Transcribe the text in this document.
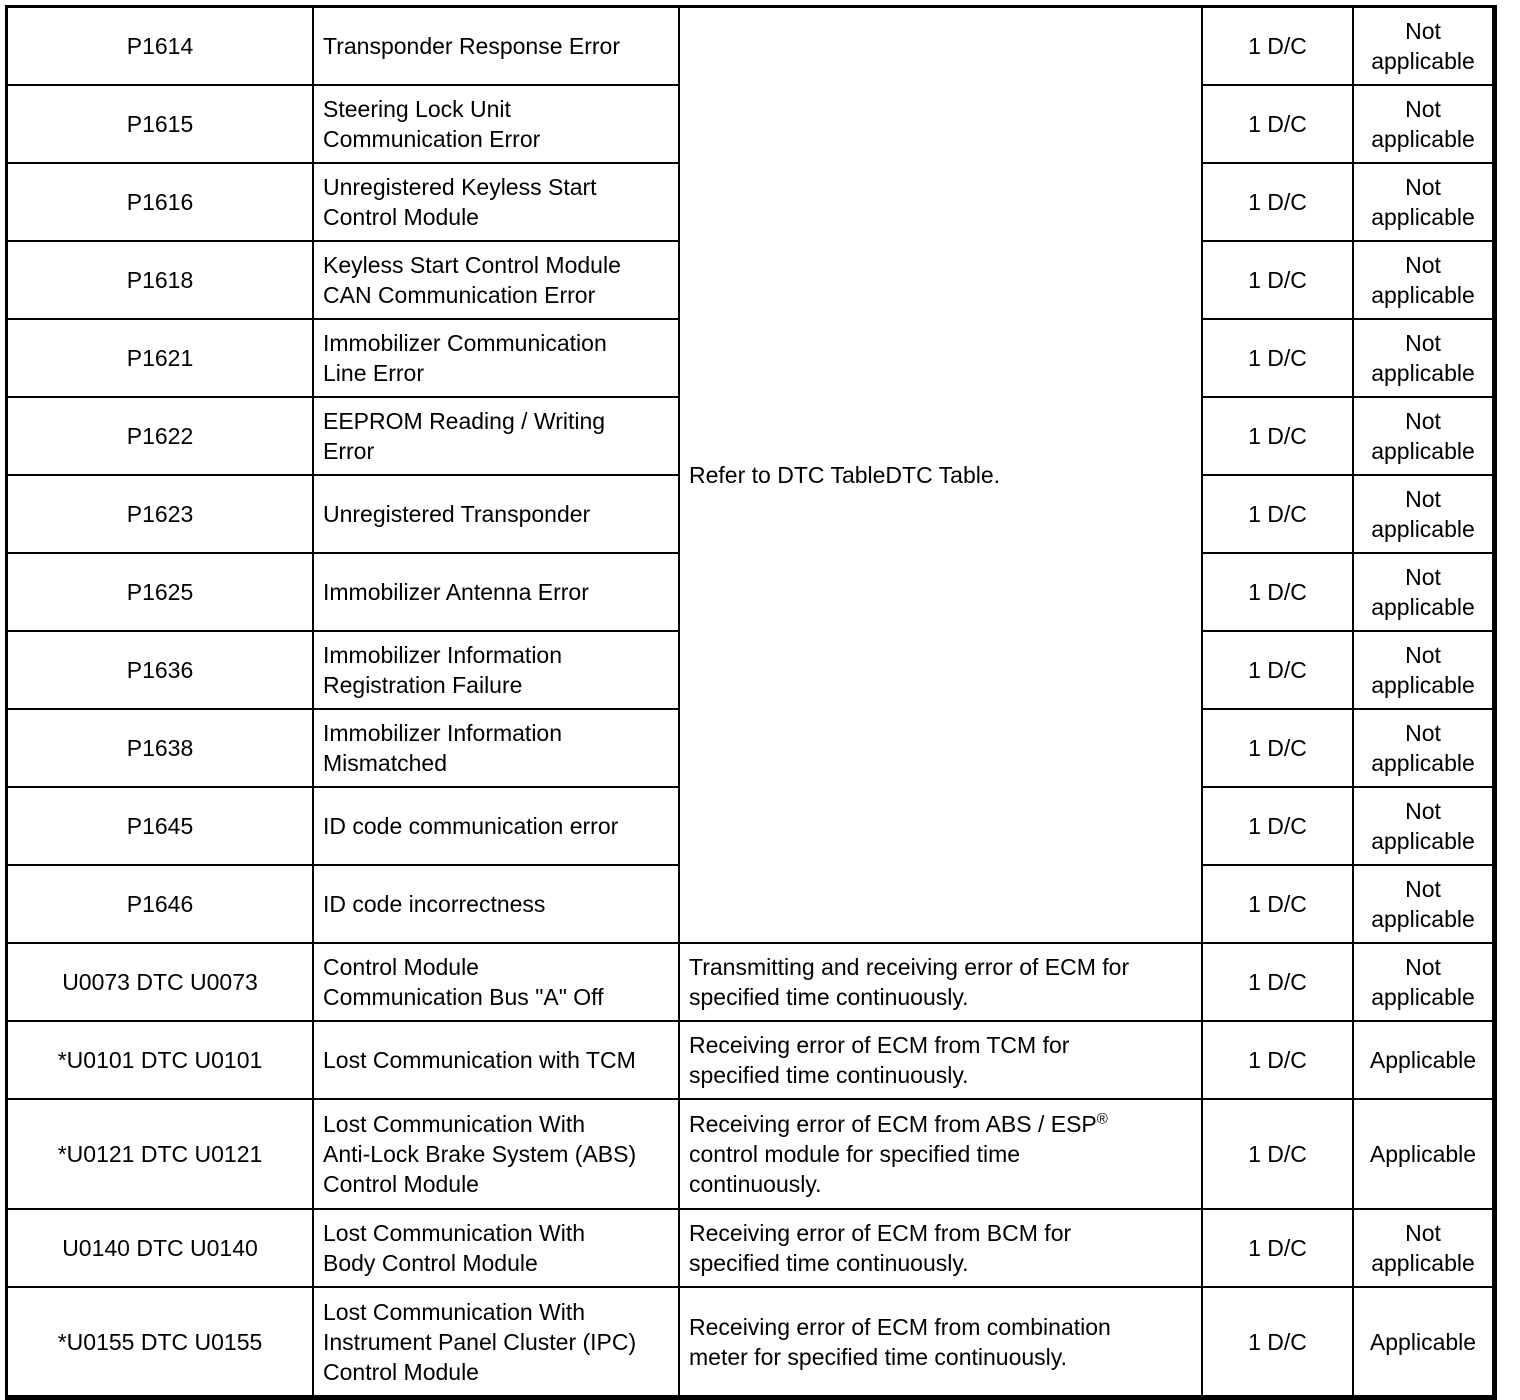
P1614	Transponder Response Error	Refer to DTC TableDTC Table.	1 D/C	Not
applicable
P1615	Steering Lock Unit
Communication Error		1 D/C	Not
applicable
P1616	Unregistered Keyless Start
Control Module		1 D/C	Not
applicable
P1618	Keyless Start Control Module
CAN Communication Error		1 D/C	Not
applicable
P1621	Immobilizer Communication
Line Error		1 D/C	Not
applicable
P1622	EEPROM Reading / Writing
Error		1 D/C	Not
applicable
P1623	Unregistered Transponder		1 D/C	Not
applicable
P1625	Immobilizer Antenna Error		1 D/C	Not
applicable
P1636	Immobilizer Information
Registration Failure		1 D/C	Not
applicable
P1638	Immobilizer Information
Mismatched		1 D/C	Not
applicable
P1645	ID code communication error		1 D/C	Not
applicable
P1646	ID code incorrectness		1 D/C	Not
applicable
U0073 DTC U0073	Control Module
Communication Bus "A" Off	Transmitting and receiving error of ECM for
specified time continuously.	1 D/C	Not
applicable
*U0101 DTC U0101	Lost Communication with TCM	Receiving error of ECM from TCM for
specified time continuously.	1 D/C	Applicable
*U0121 DTC U0121	Lost Communication With
Anti-Lock Brake System (ABS)
Control Module	Receiving error of ECM from ABS / ESP®
control module for specified time
continuously.	1 D/C	Applicable
U0140 DTC U0140	Lost Communication With
Body Control Module	Receiving error of ECM from BCM for
specified time continuously.	1 D/C	Not
applicable
*U0155 DTC U0155	Lost Communication With
Instrument Panel Cluster (IPC)
Control Module	Receiving error of ECM from combination
meter for specified time continuously.	1 D/C	Applicable
